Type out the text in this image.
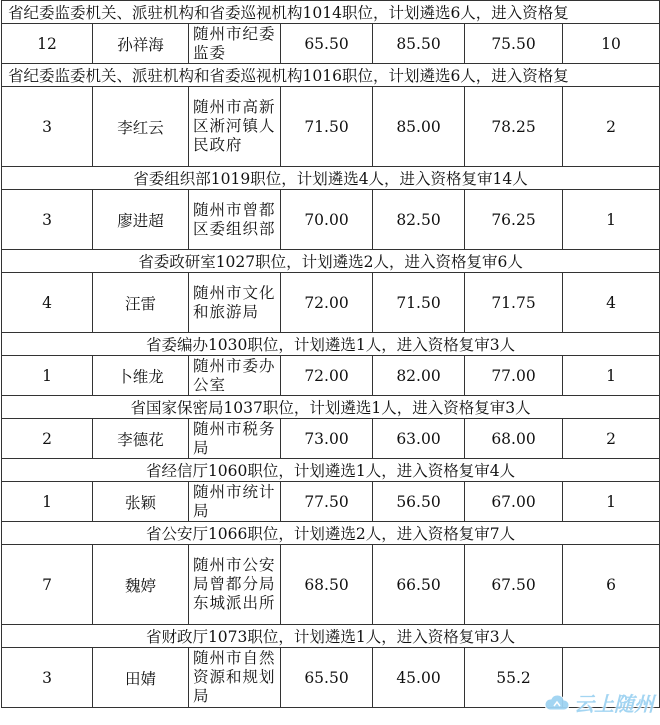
省纪委监委机关、派驻机构和省委巡视机构1014职位，计划遴选6人，进入资格复						
12	孙祥海	随州市纪委监委	65.50	85.50	75.50	10
省纪委监委机关、派驻机构和省委巡视机构1016职位，计划遴选6人，进入资格复						
3	李红云	随州市高新区淅河镇人民政府	71.50	85.00	78.25	2
省委组织部1019职位，计划遴选4人，进入资格复审14人						
3	廖进超	随州市曾都区委组织部	70.00	82.50	76.25	1
省委政研室1027职位，计划遴选2人，进入资格复审6人						
4	汪雷	随州市文化和旅游局	72.00	71.50	71.75	4
省委编办1030职位，计划遴选1人，进入资格复审3人						
1	卜维龙	随州市委办公室	72.00	82.00	77.00	1
省国家保密局1037职位，计划遴选1人，进入资格复审3人						
2	李德花	随州市税务局	73.00	63.00	68.00	2
省经信厅1060职位，计划遴选1人，进入资格复审4人						
1	张颖	随州市统计局	77.50	56.50	67.00	1
省公安厅1066职位，计划遴选2人，进入资格复审7人						
7	魏婷	随州市公安局曾都分局东城派出所	68.50	66.50	67.50	6
省财政厅1073职位，计划遴选1人，进入资格复审3人						
3	田婧	随州市自然资源和规划局	65.50	45.00	55.2	
云上随州
